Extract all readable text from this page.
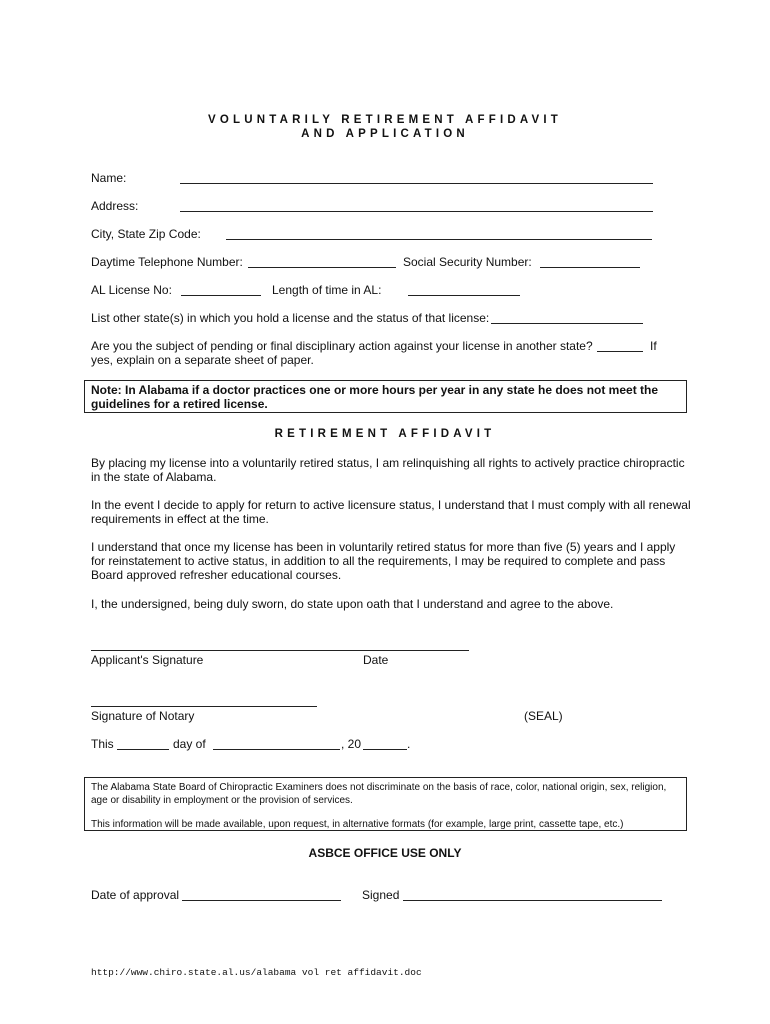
VOLUNTARILY RETIREMENT AFFIDAVIT
AND APPLICATION
Name:
Address:
City, State Zip Code:
Daytime Telephone Number:	Social Security Number:
AL License No:	Length of time in AL:
List other state(s) in which you hold a license and the status of that license:
Are you the subject of pending or final disciplinary action against your license in another state?	If
yes, explain on a separate sheet of paper.
Note: In Alabama if a doctor practices one or more hours per year in any state he does not meet the guidelines for a retired license.
RETIREMENT AFFIDAVIT
By placing my license into a voluntarily retired status, I am relinquishing all rights to actively practice chiropractic in the state of Alabama.
In the event I decide to apply for return to active licensure status, I understand that I must comply with all renewal requirements in effect at the time.
I understand that once my license has been in voluntarily retired status for more than five (5) years and I apply for reinstatement to active status, in addition to all the requirements, I may be required to complete and pass Board approved refresher educational courses.
I, the undersigned, being duly sworn, do state upon oath that I understand and agree to the above.
Applicant's Signature	Date
Signature of Notary	(SEAL)
This	day of	, 20	.
The Alabama State Board of Chiropractic Examiners does not discriminate on the basis of race, color, national origin, sex, religion, age or disability in employment or the provision of services.
This information will be made available, upon request, in alternative formats (for example, large print, cassette tape, etc.)
ASBCE OFFICE USE ONLY
Date of approval	Signed
http://www.chiro.state.al.us/alabama vol ret affidavit.doc
